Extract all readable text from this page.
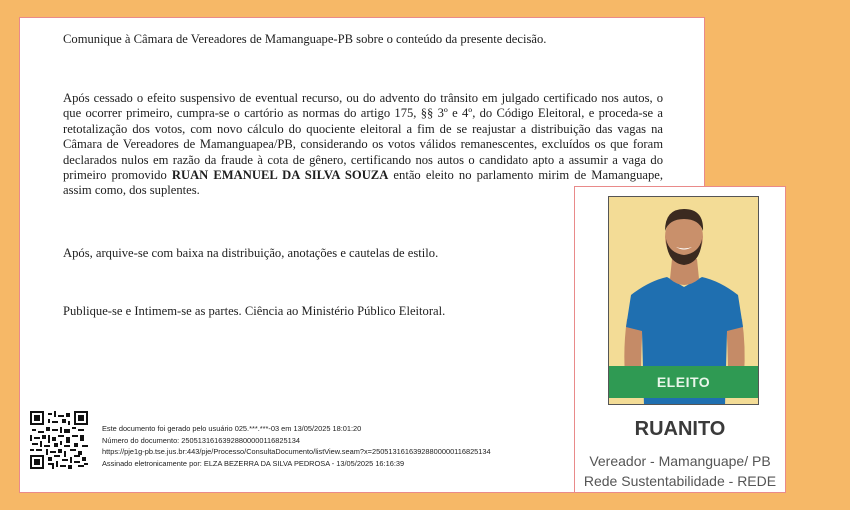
Comunique à Câmara de Vereadores de Mamanguape-PB sobre o conteúdo da presente decisão.

Após cessado o efeito suspensivo de eventual recurso, ou do advento do trânsito em julgado certificado nos autos, o que ocorrer primeiro, cumpra-se o cartório as normas do artigo 175, §§ 3º e 4º, do Código Eleitoral, e proceda-se a retotalização dos votos, com novo cálculo do quociente eleitoral a fim de se reajustar a distribuição das vagas na Câmara de Vereadores de Mamanguapea/PB, considerando os votos válidos remanescentes, excluídos os que foram declarados nulos em razão da fraude à cota de gênero, certificando nos autos o candidato apto a assumir a vaga do primeiro promovido RUAN EMANUEL DA SILVA SOUZA então eleito no parlamento mirim de Mamanguape, assim como, dos suplentes.

Após, arquive-se com baixa na distribuição, anotações e cautelas de estilo.

Publique-se e Intimem-se as partes. Ciência ao Ministério Público Eleitoral.

Este documento foi gerado pelo usuário 025.***.***-03 em 13/05/2025 18:01:20
Número do documento: 25051316163928800000116825134
https://pje1g-pb.tse.jus.br:443/pje/Processo/ConsultaDocumento/listView.seam?x=25051316163928800000116825134
Assinado eletronicamente por: ELZA BEZERRA DA SILVA PEDROSA - 13/05/2025 16:16:39
ELEITO
RUANITO
Vereador - Mamanguape/ PB
Rede Sustentabilidade - REDE
